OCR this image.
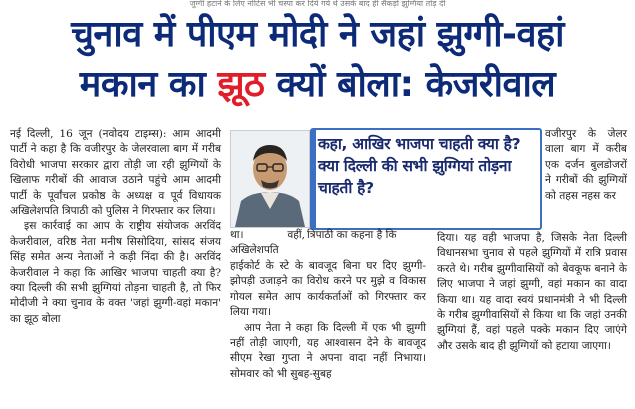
जुग्गी हटाने के लिए नोटिस भी चस्पा कर दिये गये थे उसके बाद ही सैकड़ों झुग्गियां तोड़ दी
चुनाव में पीएम मोदी ने जहां झुग्गी-वहां
मकान का झूठ क्यों बोला: केजरीवाल

नई दिल्ली, 16 जून (नवोदय टाइम्स): आम आदमी पार्टी ने कहा है कि वजीरपुर के जेलरवाला बाग में गरीब विरोधी भाजपा सरकार द्वारा तोड़ी जा रही झुग्गियों के खिलाफ गरीबों की आवाज उठाने पहुंचे आम आदमी पार्टी के पूर्वांचल प्रकोष्ठ के अध्यक्ष व पूर्व विधायक अखिलेशपति त्रिपाठी को पुलिस ने गिरफ्तार कर लिया।

इस कार्रवाई का आप के राष्ट्रीय संयोजक अरविंद केजरीवाल, वरिष्ठ नेता मनीष सिसोदिया, सांसद संजय सिंह समेत अन्य नेताओं ने कड़ी निंदा की है। अरविंद केजरीवाल ने कहा कि आखिर भाजपा चाहती क्या है? क्या दिल्ली की सभी झुग्गियां तोड़ना चाहती है, तो फिर मोदीजी ने क्या चुनाव के वक्त 'जहां झुग्गी-वहां मकान' का झूठ बोला

कहा, आखिर भाजपा चाहती क्या है? क्या दिल्ली की सभी झुग्गियां तोड़ना चाहती है?

त्रिपाठी का कहना है कि

था। वहीं, अखिलेशपति

हाईकोर्ट के स्टे के बावजूद बिना घर दिए झुग्गी-झोपड़ी उजाड़ने का विरोध करने पर मुझे व विकास गोयल समेत आप कार्यकर्ताओं को गिरफ्तार कर लिया गया।

आप नेता ने कहा कि दिल्ली में एक भी झुग्गी नहीं तोड़ी जाएगी, यह आश्वासन देने के बावजूद सीएम रेखा गुप्ता ने अपना वादा नहीं निभाया। सोमवार को भी सुबह-सुबह

वजीरपुर के जेलर वाला बाग में करीब एक दर्जन बुलडोजरों ने गरीबों की झुग्गियों को तहस नहस कर

दिया। यह वही भाजपा है, जिसके नेता दिल्ली विधानसभा चुनाव से पहले झुग्गियों में रात्रि प्रवास करते थे। गरीब झुग्गीवासियों को बेवकूफ बनाने के लिए भाजपा ने जहां झुग्गी, वहां मकान का वादा किया था। यह वादा स्वयं प्रधानमंत्री ने भी दिल्ली के गरीब झुग्गीवासियों से किया था कि जहां उनकी झुग्गियां हैं, वहां पहले पक्के मकान दिए जाएंगे और उसके बाद ही झुग्गियों को हटाया जाएगा।
